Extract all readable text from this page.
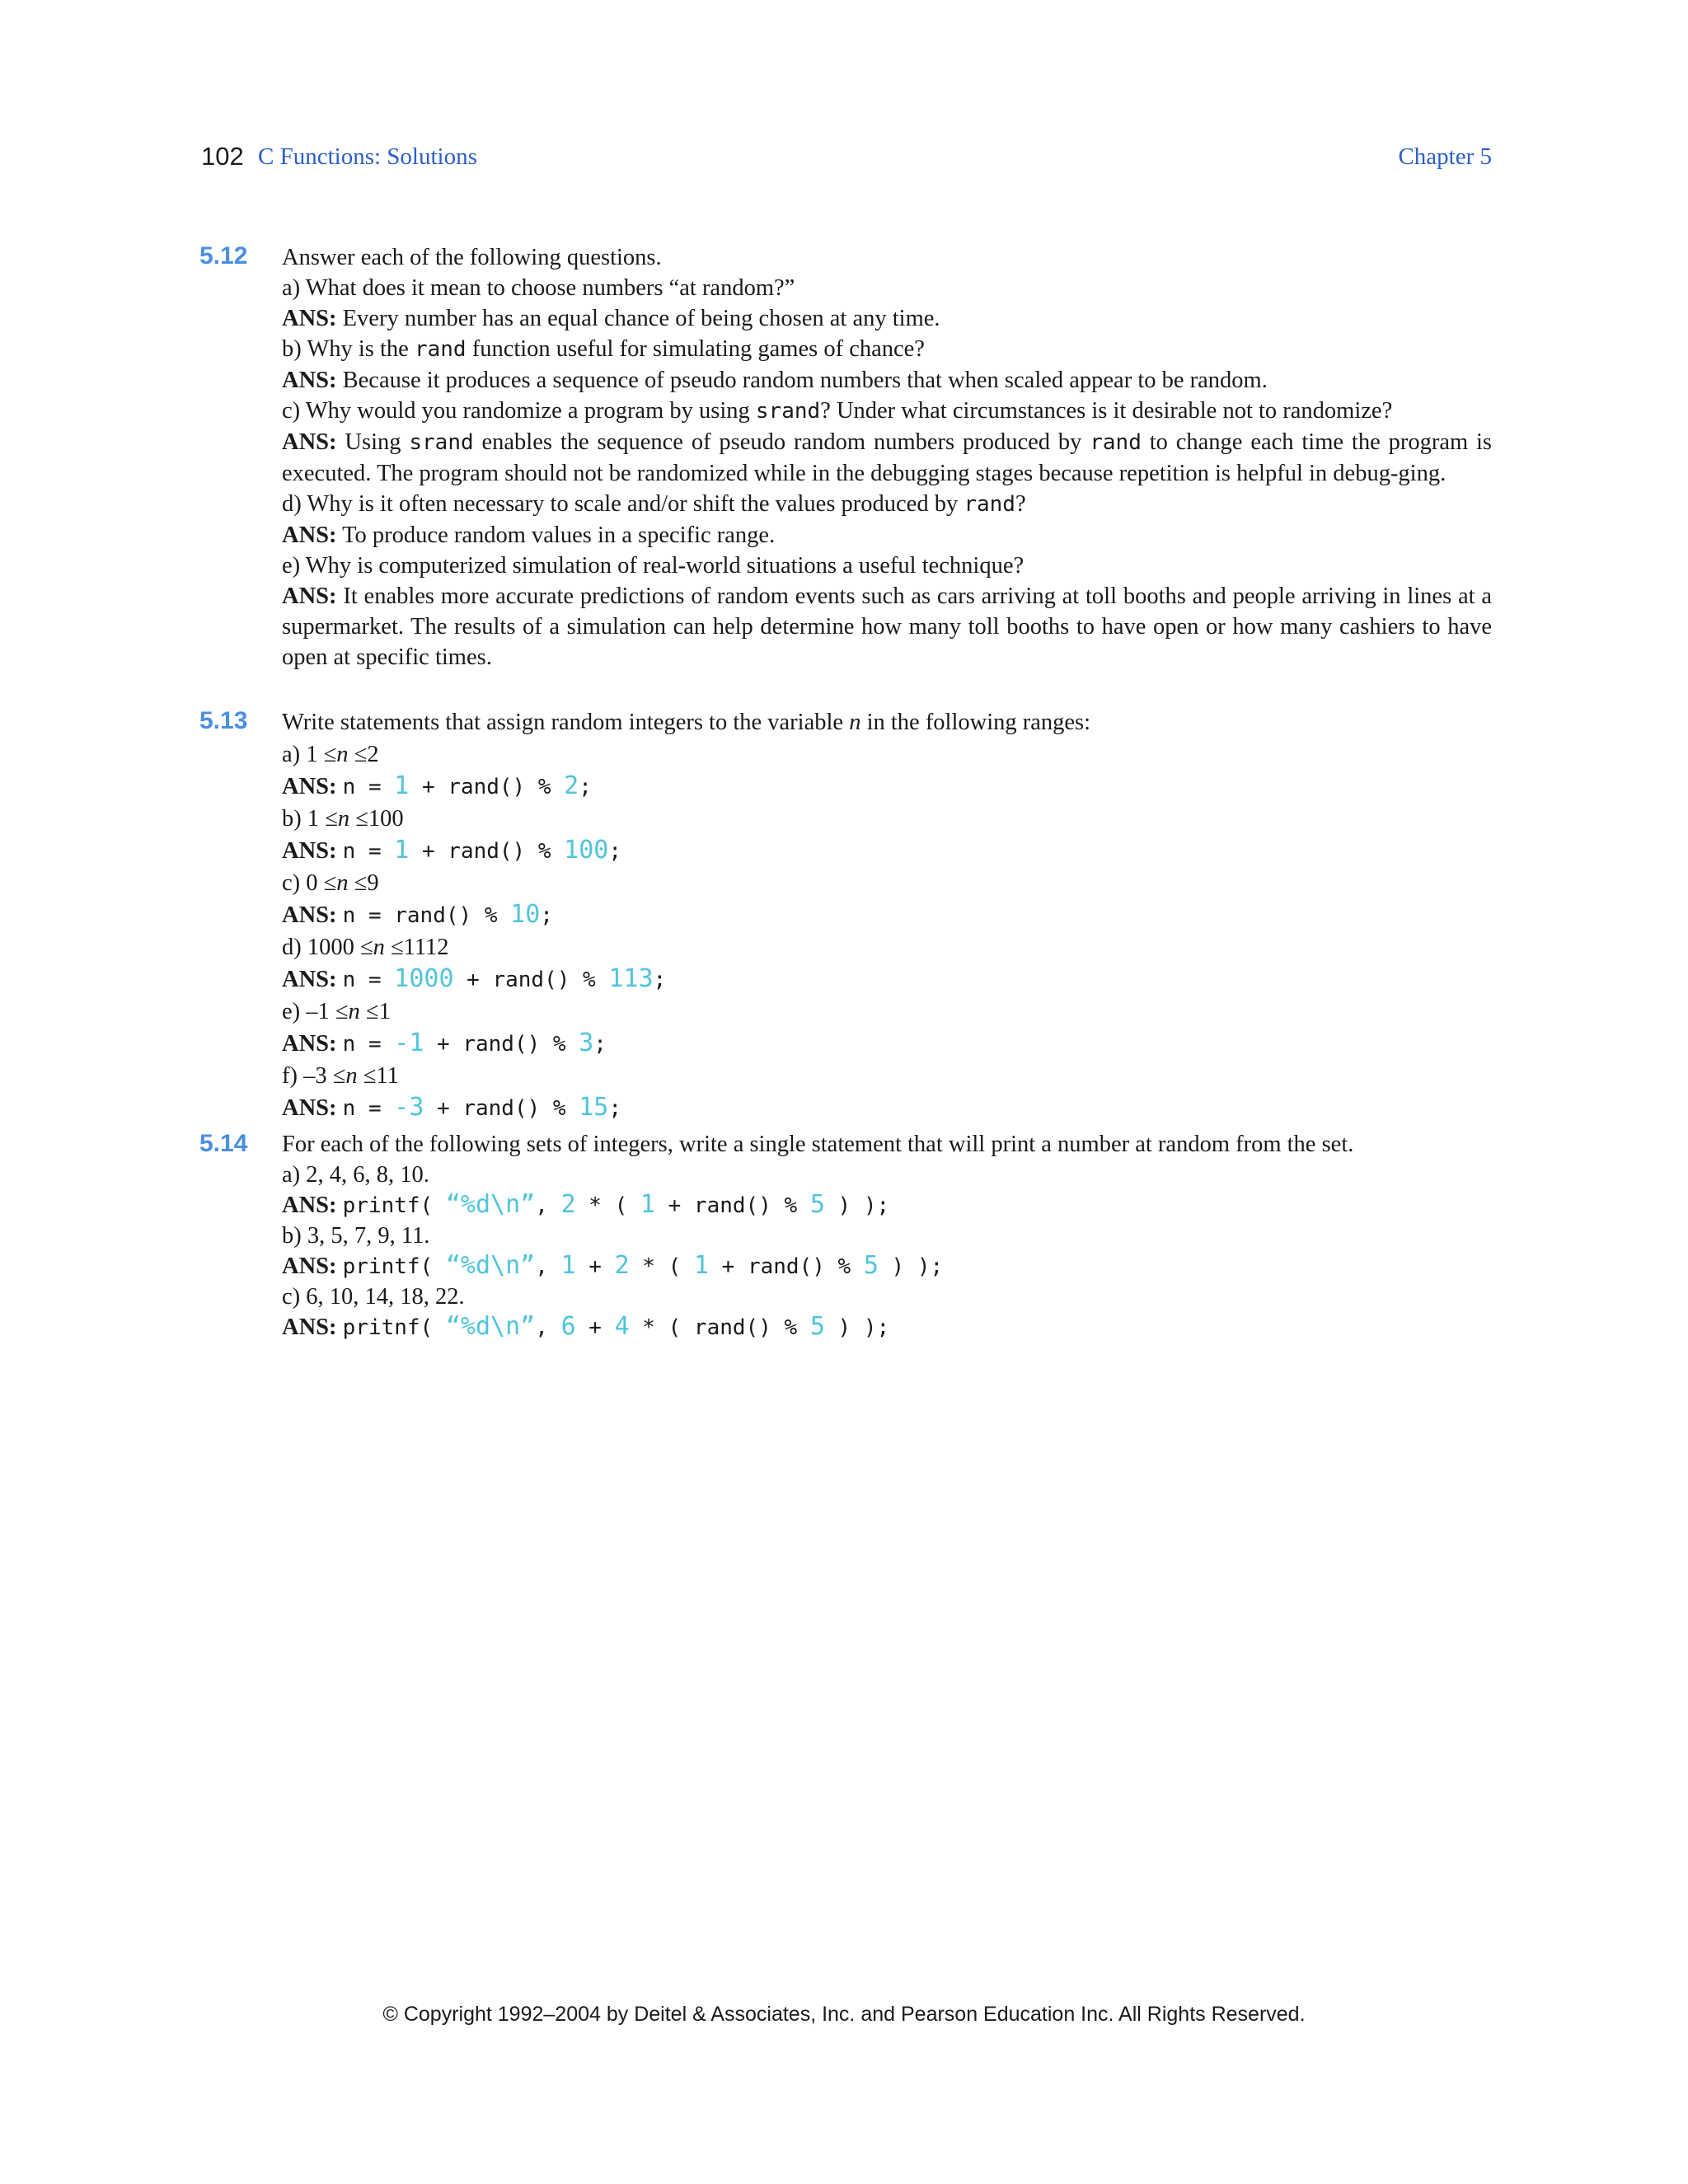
102 C Functions: Solutions	Chapter 5
5.12 Answer each of the following questions.
a) What does it mean to choose numbers “at random?”
ANS: Every number has an equal chance of being chosen at any time.
b) Why is the rand function useful for simulating games of chance?
ANS: Because it produces a sequence of pseudo random numbers that when scaled appear to be random.
c) Why would you randomize a program by using srand? Under what circumstances is it desirable not to randomize?
ANS: Using srand enables the sequence of pseudo random numbers produced by rand to change each time the program is executed. The program should not be randomized while in the debugging stages because repetition is helpful in debug-ging.
d) Why is it often necessary to scale and/or shift the values produced by rand?
ANS: To produce random values in a specific range.
e) Why is computerized simulation of real-world situations a useful technique?
ANS: It enables more accurate predictions of random events such as cars arriving at toll booths and people arriving in lines at a supermarket. The results of a simulation can help determine how many toll booths to have open or how many cashiers to have open at specific times.
5.13 Write statements that assign random integers to the variable n in the following ranges:
a) 1 ≤n ≤2
ANS: n = 1 + rand() % 2;
b) 1 ≤n ≤100
ANS: n = 1 + rand() % 100;
c) 0 ≤n ≤9
ANS: n = rand() % 10;
d) 1000 ≤n ≤1112
ANS: n = 1000 + rand() % 113;
e) –1 ≤n ≤1
ANS: n = -1 + rand() % 3;
f) –3 ≤n ≤11
ANS: n = -3 + rand() % 15;
5.14 For each of the following sets of integers, write a single statement that will print a number at random from the set.
a) 2, 4, 6, 8, 10.
ANS: printf( “%d\n”, 2 * ( 1 + rand() % 5 ) );
b) 3, 5, 7, 9, 11.
ANS: printf( “%d\n”, 1 + 2 * ( 1 + rand() % 5 ) );
c) 6, 10, 14, 18, 22.
ANS: pritnf( “%d\n”, 6 + 4 * ( rand() % 5 ) );
© Copyright 1992–2004 by Deitel & Associates, Inc. and Pearson Education Inc. All Rights Reserved.
